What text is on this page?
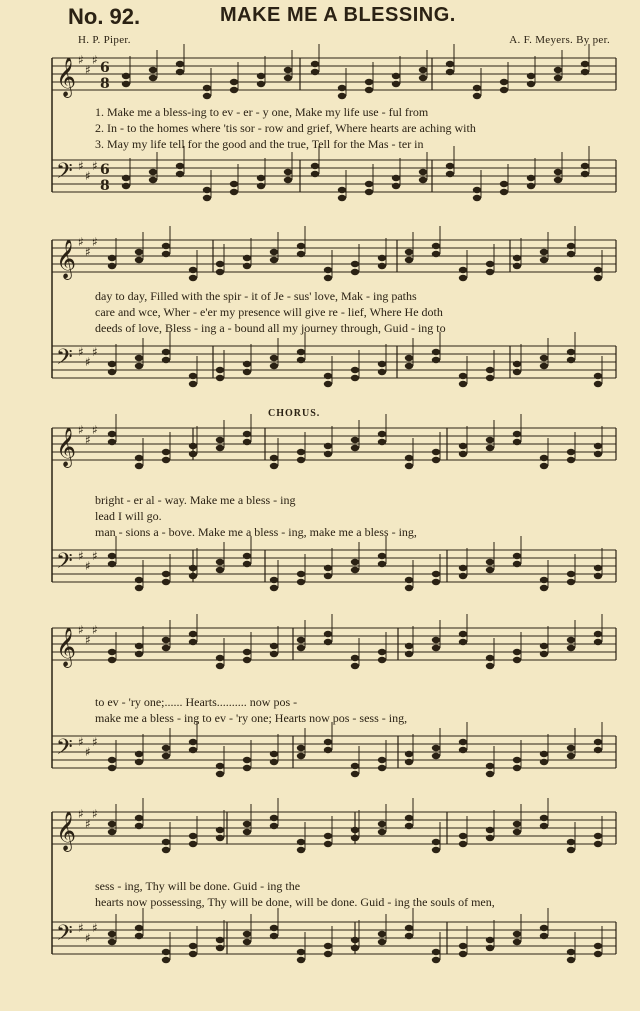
No. 92.	MAKE ME A BLESSING.
H. P. Piper.	A. F. Meyers. By per.
CHORUS.
𝄞 ♯
♯
♯
𝄢 ♯
♯
♯
𝄞 ♯
♯
♯
𝄢 ♯
♯
♯
𝄞 ♯
♯
♯
𝄢 ♯
♯
♯
𝄞 ♯
♯
♯
𝄢 ♯
♯
♯
𝄞 ♯
♯
♯
𝄢 ♯
♯
♯
6
8
6
8
1. Make me a bless-ing to ev - er - y one, Make my life use - ful from
2. In - to the homes where 'tis sor - row and grief, Where hearts are aching with
3. May my life tell for the good and the true, Tell for the Mas - ter in
day to day, Filled with the spir - it of Je - sus' love, Mak - ing paths
care and wce, Wher - e'er my presence will give re - lief, Where He doth
deeds of love, Bless - ing a - bound all my journey through, Guid - ing to
bright - er al - way. Make me a bless - ing
lead I will go.
man - sions a - bove. Make me a bless - ing, make me a bless - ing,
to ev - 'ry one;...... Hearts.......... now pos -
make me a bless - ing to ev - 'ry one; Hearts now pos - sess - ing,
sess - ing, Thy will be done. Guid - ing the
hearts now possessing, Thy will be done, will be done. Guid - ing the souls of men,
